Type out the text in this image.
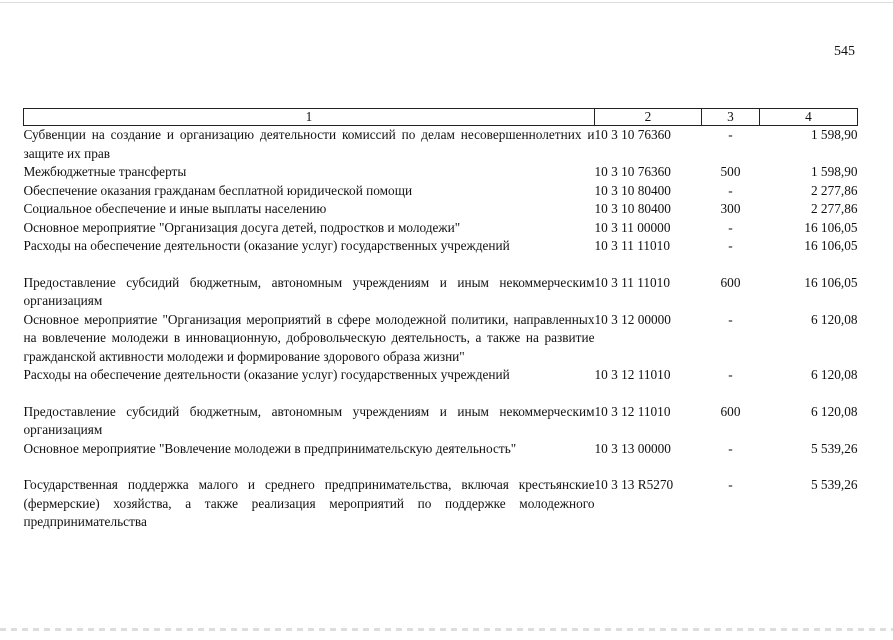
545
1	2	3	4
Субвенции на создание и организацию деятельности комиссий по делам несовершеннолетних и защите их прав	10 3 10 76360	-	1 598,90
Межбюджетные трансферты	10 3 10 76360	500	1 598,90
Обеспечение оказания гражданам бесплатной юридической помощи	10 3 10 80400	-	2 277,86
Социальное обеспечение и иные выплаты населению	10 3 10 80400	300	2 277,86
Основное мероприятие "Организация досуга детей, подростков и молодежи"	10 3 11 00000	-	16 106,05
Расходы на обеспечение деятельности (оказание услуг) государственных учреждений	10 3 11 11010	-	16 106,05
Предоставление субсидий бюджетным, автономным учреждениям и иным некоммерческим организациям	10 3 11 11010	600	16 106,05
Основное мероприятие "Организация мероприятий в сфере молодежной политики, направленных на вовлечение молодежи в инновационную, добровольческую деятельность, а также на развитие гражданской активности молодежи и формирование здорового образа жизни"	10 3 12 00000	-	6 120,08
Расходы на обеспечение деятельности (оказание услуг) государственных учреждений	10 3 12 11010	-	6 120,08
Предоставление субсидий бюджетным, автономным учреждениям и иным некоммерческим организациям	10 3 12 11010	600	6 120,08
Основное мероприятие "Вовлечение молодежи в предпринимательскую деятельность"	10 3 13 00000	-	5 539,26
Государственная поддержка малого и среднего предпринимательства, включая крестьянские (фермерские) хозяйства, а также реализация мероприятий по поддержке молодежного предпринимательства	10 3 13 R5270	-	5 539,26
